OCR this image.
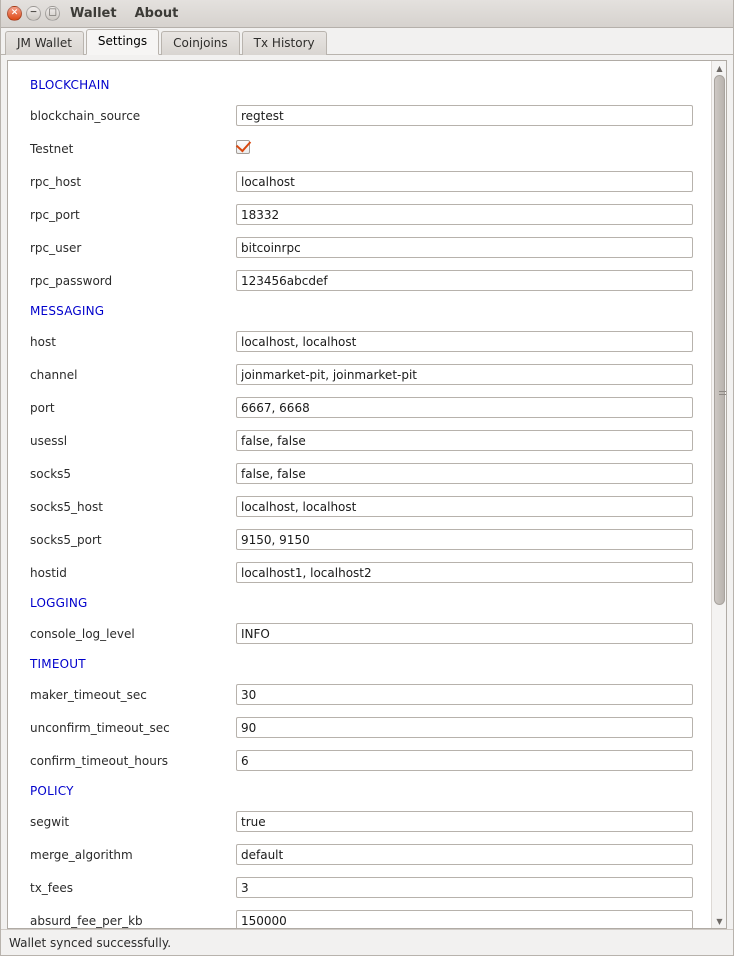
× − □ Wallet About
JM Wallet	Settings	Coinjoins	Tx History
BLOCKCHAIN	
blockchain_source	regtest
Testnet	
rpc_host	localhost
rpc_port	18332
rpc_user	bitcoinrpc
rpc_password	123456abcdef
MESSAGING	
host	localhost, localhost
channel	joinmarket-pit, joinmarket-pit
port	6667, 6668
usessl	false, false
socks5	false, false
socks5_host	localhost, localhost
socks5_port	9150, 9150
hostid	localhost1, localhost2
LOGGING	
console_log_level	INFO
TIMEOUT	
maker_timeout_sec	30
unconfirm_timeout_sec	90
confirm_timeout_hours	6
POLICY	
segwit	true
merge_algorithm	default
tx_fees	3
absurd_fee_per_kb	150000
▲
▼
Wallet synced successfully.
